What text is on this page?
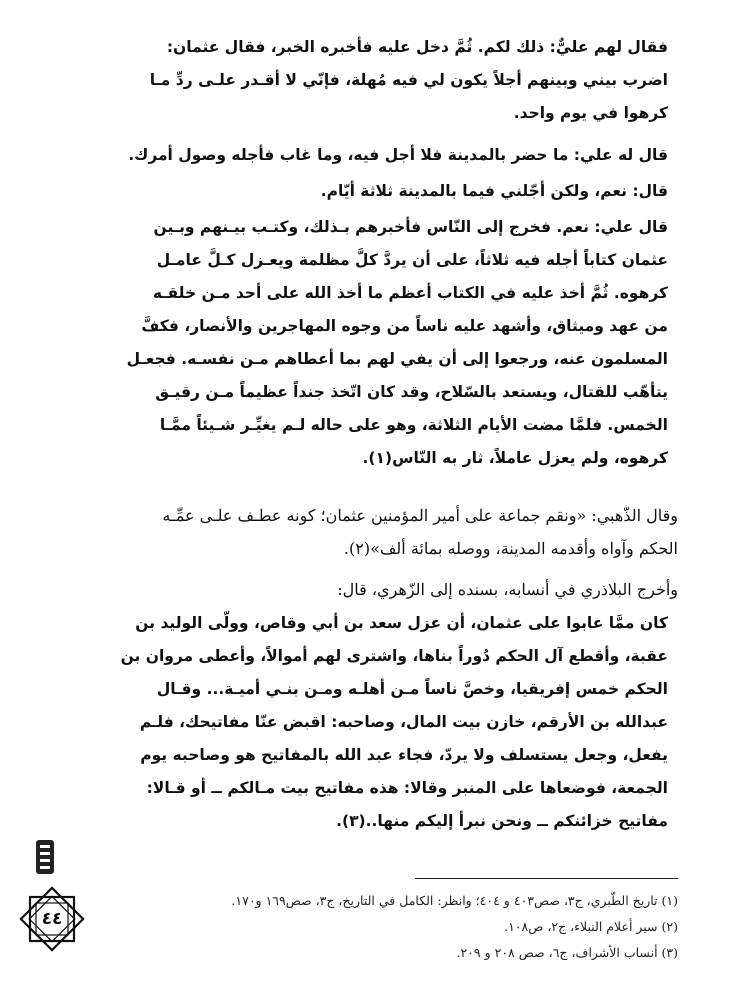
فقال لهم عليٌّ: ذلك لكم. ثُمَّ دخل عليه فأخبره الخبر، فقال عثمان:
اضرب بيني وبينهم أجلاً يكون لي فيه مُهلة، فإنّي لا أقـدر علـى ردِّ مـا
كرهوا في يوم واحد.
قال له علي: ما حضر بالمدينة فلا أجل فيه، وما غاب فأجله وصول أمرك.
قال: نعم، ولكن أجّلني فيما بالمدينة ثلاثة أيّام.
قال علي: نعم. فخرج إلى النّاس فأخبرهم بـذلك، وكتـب بيـنهم وبـين
عثمان كتاباً أجله فيه ثلاثاً، على أن يردَّ كلَّ مظلمة ويعـزل كـلَّ عامـل
كرهوه. ثُمَّ أخذ عليه في الكتاب أعظم ما أخذ الله على أحد مـن خلقـه
من عهد وميثاق، وأشهد عليه ناساً من وجوه المهاجرين والأنصار، فكفَّ
المسلمون عنه، ورجعوا إلى أن يفي لهم بما أعطاهم مـن نفسـه. فجعـل
يتأهّب للقتال، ويستعد بالسّلاح، وقد كان اتّخذ جنداً عظيماً مـن رقيـق
الخمس. فلمَّا مضت الأيام الثلاثة، وهو على حاله لـم يغيِّـر شـيئاً ممَّـا
كرهوه، ولم يعزل عاملاً، ثار به النّاس(١).
وقال الذّهبي: «ونقم جماعة على أمير المؤمنين عثمان؛ كونه عطـف علـى عمِّـه
الحكم وآواه وأقدمه المدينة، ووصله بمائة ألف»(٢).
وأخرج البلاذري في أنسابه، بسنده إلى الزّهري، قال:
كان ممَّا عابوا على عثمان، أن عزل سعد بن أبي وقاص، وولّى الوليد بن
عقبة، وأقطع آل الحكم دُوراً بناها، واشترى لهم أموالاً، وأعطى مروان بن
الحكم خمس إفريقيا، وخصَّ ناساً مـن أهلـه ومـن بنـي أميـة... وقـال
عبدالله بن الأرقم، خازن بيت المال، وصاحبه: اقبض عنّا مفاتيحك، فلـم
يفعل، وجعل يستسلف ولا يردّ، فجاء عبد الله بالمفاتيح هو وصاحبه يوم
الجمعة، فوضعاها على المنبر وقالا: هذه مفاتيح بيت مـالكم ــ أو قـالا:
مفاتيح خزائنكم ــ ونحن نبرأ إليكم منها..(٣).
(١) تاريخ الطّبري، ج٣، صص٤٠٣ و ٤٠٤؛ وانظر: الكامل في التاريخ، ج٣، صص١٦٩ و١٧٠.
(٢) سير أعلام النبلاء، ج٢، ص١٠٨.
(٣) أنساب الأشراف، ج٦، صص ٢٠٨ و ٢٠٩.
٤٤
